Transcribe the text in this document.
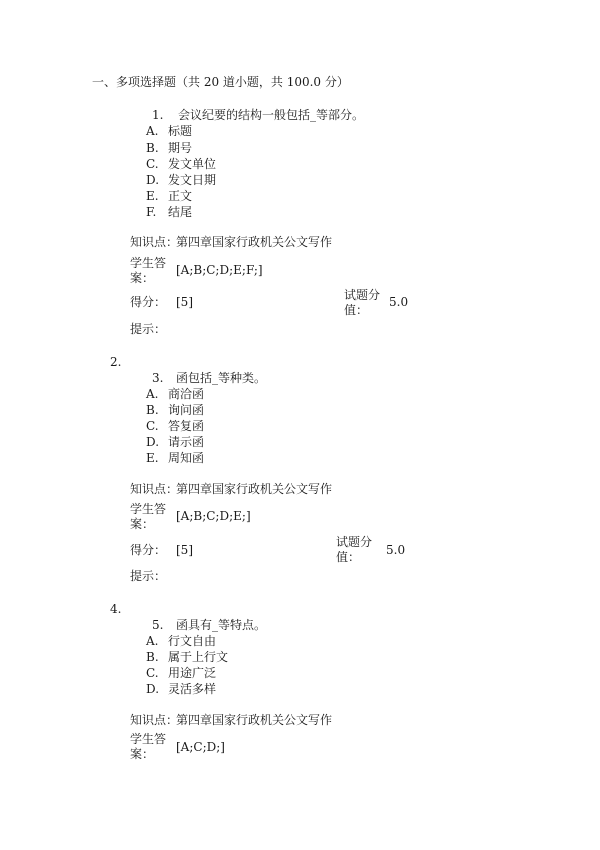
一、多项选择题（共 20 道小题，共 100.0 分）
1. 会议纪要的结构一般包括_等部分。
A. 标题
B. 期号
C. 发文单位
D. 发文日期
E. 正文
F. 结尾
知识点：
第四章国家行政机关公文写作
学生答
案：
[A;B;C;D;E;F;]
得分： [5]	试题分
值：
5.0
提示：
2.
3. 函包括_等种类。
A. 商洽函
B. 询问函
C. 答复函
D. 请示函
E. 周知函
知识点：
第四章国家行政机关公文写作
学生答
案：
[A;B;C;D;E;]
得分： [5]
试题分
值： 5.0
提示：
4.
5. 函具有_等特点。
A. 行文自由
B. 属于上行文
C. 用途广泛
D. 灵活多样
知识点：
第四章国家行政机关公文写作
学生答
案： [A;C;D;]
